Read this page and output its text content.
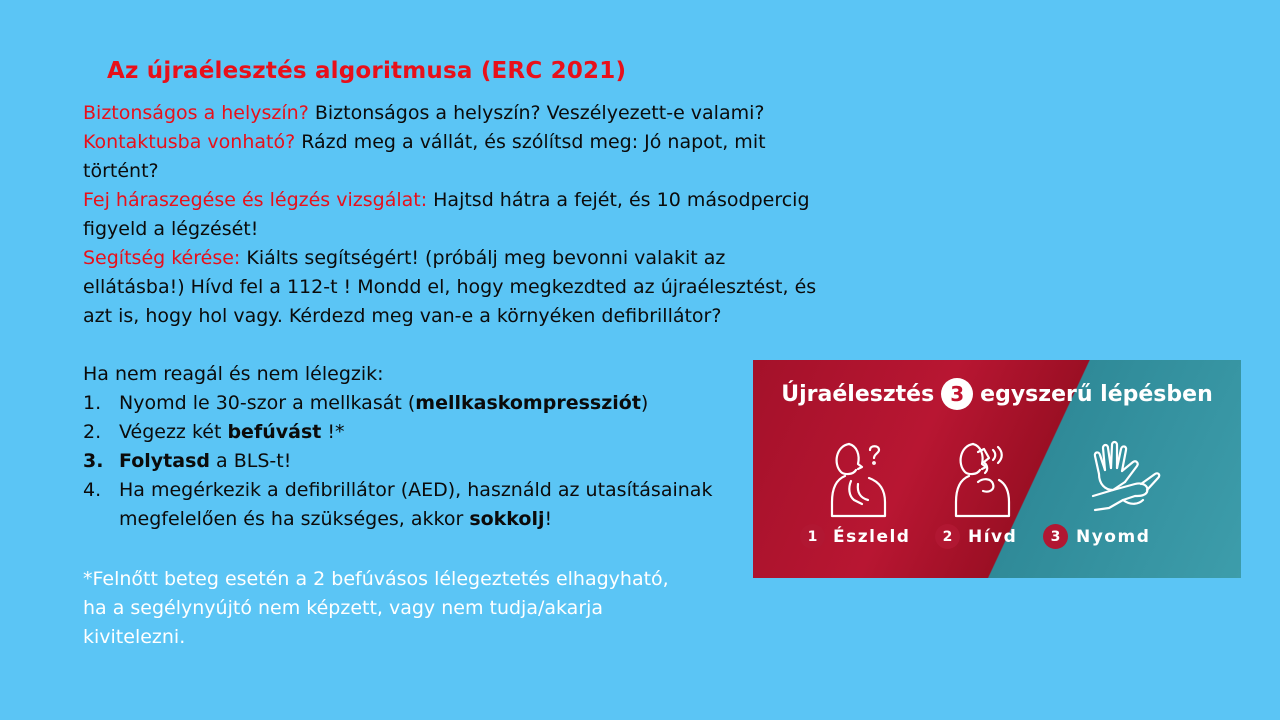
Az újraélesztés algoritmusa (ERC 2021)

Biztonságos a helyszín? Biztonságos a helyszín? Veszélyezett-e valami?

Kontaktusba vonható? Rázd meg a vállát, és szólítsd meg: Jó napot, mit történt?

Fej háraszegése és légzés vizsgálat: Hajtsd hátra a fejét, és 10 másodpercig figyeld a légzését!

Segítség kérése: Kiálts segítségért! (próbálj meg bevonni valakit az ellátásba!) Hívd fel a 112-t ! Mondd el, hogy megkezdted az újraélesztést, és azt is, hogy hol vagy. Kérdezd meg van-e a környéken defibrillátor?

Ha nem reagál és nem lélegzik:

1. Nyomd le 30-szor a mellkasát (mellkaskompressziót)
2. Végezz két befúvást !*
3. Folytasd a BLS-t!
4. Ha megérkezik a defibrillátor (AED), használd az utasításainak megfelelően és ha szükséges, akkor sokkolj!

*Felnőtt beteg esetén a 2 befúvásos lélegeztetés elhagyható,

ha a segélynyújtó nem képzett, vagy nem tudja/akarja

kivitelezni.

Újraélesztés 3 egyszerű lépésben
1 Észleld	2 Hívd	3 Nyomd
